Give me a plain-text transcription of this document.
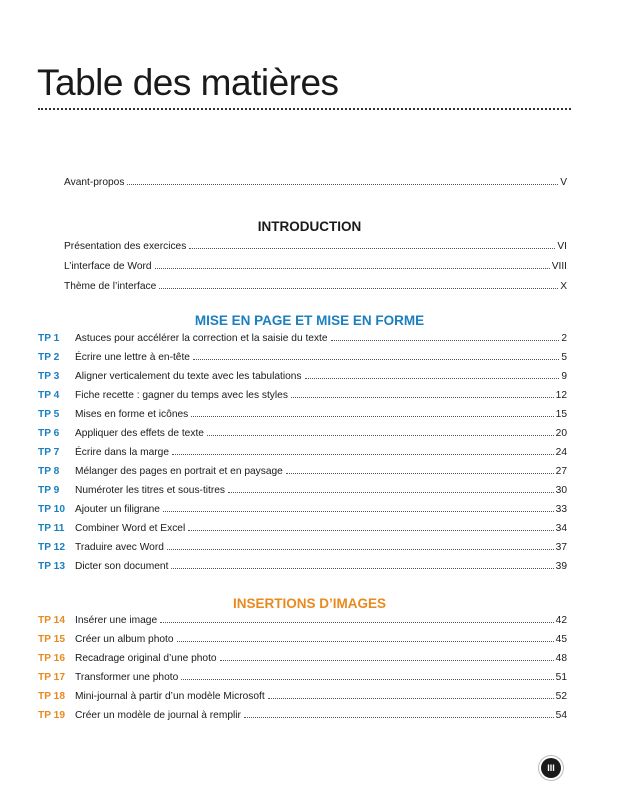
Table des matières
Avant-propos	V
INTRODUCTION
Présentation des exercices	VI
L’interface de Word	VIII
Thème de l’interface	X
MISE EN PAGE ET MISE EN FORME
TP 1	Astuces pour accélérer la correction et la saisie du texte	2
TP 2	Écrire une lettre à en-tête	5
TP 3	Aligner verticalement du texte avec les tabulations	9
TP 4	Fiche recette : gagner du temps avec les styles	12
TP 5	Mises en forme et icônes	15
TP 6	Appliquer des effets de texte	20
TP 7	Écrire dans la marge	24
TP 8	Mélanger des pages en portrait et en paysage	27
TP 9	Numéroter les titres et sous-titres	30
TP 10 Ajouter un filigrane	33
TP 11	Combiner Word et Excel	34
TP 12 Traduire avec Word	37
TP 13 Dicter son document	39
INSERTIONS D’IMAGES
TP 14 Insérer une image	42
TP 15 Créer un album photo	45
TP 16 Recadrage original d’une photo	48
TP 17 Transformer une photo	51
TP 18 Mini-journal à partir d’un modèle Microsoft	52
TP 19 Créer un modèle de journal à remplir	54
III
